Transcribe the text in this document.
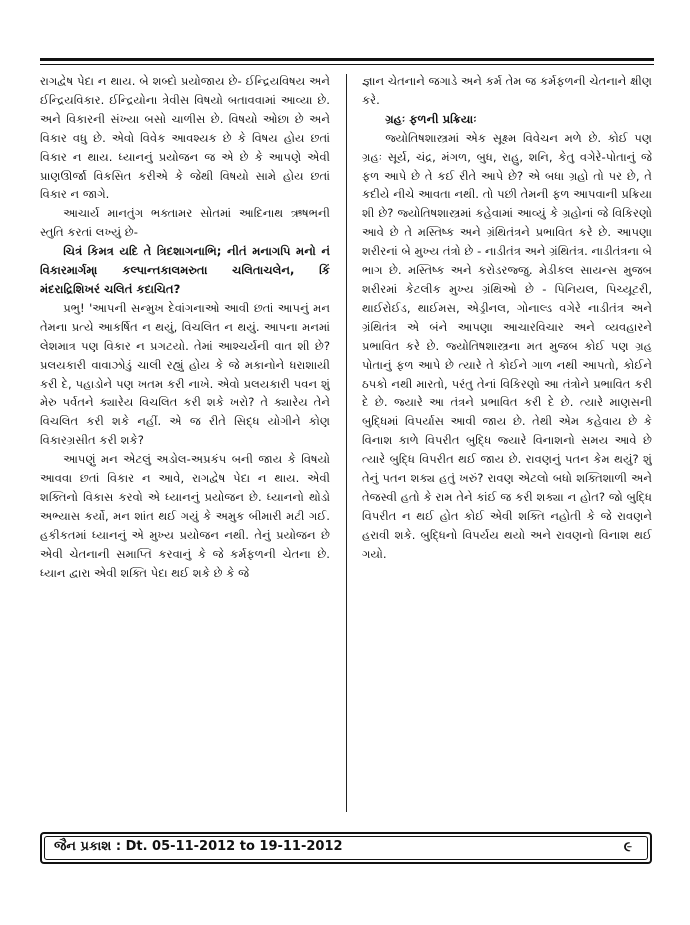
રાગદ્વેષ પેદા ન થાય. બે શબ્દો પ્રયોજાય છે- ઈન્દ્રિયવિષય અને ઈન્દ્રિયવિકાર. ઈન્દ્રિયોના ત્રેવીસ વિષયો બતાવવામાં આવ્યા છે. અને વિકારની સંખ્યા બસો ચાળીસ છે. વિષયો ઓછા છે અને વિકાર વધુ છે. એવો વિવેક આવશ્યક છે કે વિષય હોય છતાં વિકાર ન થાય. ધ્યાનનું પ્રયોજન જ એ છે કે આપણે એવી પ્રાણઊર્જા વિકસિત કરીએ કે જેથી વિષયો સામે હોય છતાં વિકાર ન જાગે.

આચાર્ય માનતુંગ ભક્તામર સોતમાં આદિનાથ ઋષભની સ્તુતિ કરતાં લખ્યું છે-

ચિત્રં કિમત્ર યદિ તે ત્રિદશાગનાભિ; નીતં મનાગપિ મનો નં વિકારમાર્ગમ્। કલ્પાન્તકાલમરુતા ચલિતાચલેન, કિં મંદરાદ્રિશિખરં ચલિતં કદાચિત?

પ્રભુ! 'આપની સન્મુખ દેવાંગનાઓ આવી છતાં આપનું મન તેમના પ્રત્યે આકર્ષિત ન થયું, વિચલિત ન થયું. આપના મનમાં લેશમાત્ર પણ વિકાર ન પ્રગટયો. તેમાં આશ્ચર્યની વાત શી છે? પ્રલયકારી વાવાઝોડું ચાલી રહ્યું હોય કે જે મકાનોને ધરાશાયી કરી દે, પહાડોને પણ ખતમ કરી નાખે. એવો પ્રલયકારી પવન શું મેરુ પર્વતને ક્યારેય વિચલિત કરી શકે ખરો? તે ક્યારેય તેને વિચલિત કરી શકે નહીં. એ જ રીતે સિદ્ધ યોગીને કોણ વિકારગ્રસીત કરી શકે?

આપણું મન એટલું અડોલ-અપ્રકંપ બની જાય કે વિષયો આવવા છતાં વિકાર ન આવે, રાગદ્વેષ પેદા ન થાય. એવી શક્તિનો વિકાસ કરવો એ ધ્યાનનું પ્રયોજન છે. ધ્યાનનો થોડો અભ્યાસ કર્યો, મન શાંત થઈ ગયું કે અમુક બીમારી મટી ગઈ. હકીકતમાં ધ્યાનનું એ મુખ્ય પ્રયોજન નથી. તેનું પ્રયોજન છે એવી ચેતનાની સમાપ્તિ કરવાનું કે જે કર્મફળની ચેતના છે. ધ્યાન દ્વારા એવી શક્તિ પેદા થઈ શકે છે કે જે

જ્ઞાન ચેતનાને જગાડે અને કર્મ તેમ જ કર્મફળની ચેતનાને ક્ષીણ કરે.

ગ્રહઃ ફળની પ્રક્રિયાઃ

જ્યોતિષશાસ્ત્રમાં એક સૂક્ષ્મ વિવેચન મળે છે. કોઈ પણ ગ્રહઃ સૂર્ય, ચંદ્ર, મંગળ, બુધ, રાહુ, શનિ, કેતુ વગેરે-પોતાનું જે ફળ આપે છે તે કઈ રીતે આપે છે? એ બધા ગ્રહો તો પર છે, તે કદીયે નીચે આવતા નથી. તો પછી તેમની ફળ આપવાની પ્રક્રિયા શી છે? જ્યોતિષશાસ્ત્રમાં કહેવામાં આવ્યું કે ગ્રહોનાં જે વિકિરણો આવે છે તે મસ્તિષ્ક અને ગ્રંથિતંત્રને પ્રભાવિત કરે છે. આપણા શરીરનાં બે મુખ્ય તંત્રો છે - નાડીતંત્ર અને ગ્રંથિતંત્ર. નાડીતંત્રના બે ભાગ છે. મસ્તિષ્ક અને કરોડરજ્જુ. મેડીકલ સાયન્સ મુજબ શરીરમાં કેટલીક મુખ્ય ગ્રંથિઓ છે - પિનિયલ, પિચ્યૂટરી, થાઈરોઈડ, થાઈમસ, એડ્રીનલ, ગોનાલ્ડ વગેરે નાડીતંત્ર અને ગ્રંથિતંત્ર એ બંને આપણા આચારવિચાર અને વ્યવહારને પ્રભાવિત કરે છે. જ્યોતિષશાસ્ત્રના મત મુજબ કોઈ પણ ગ્રહ પોતાનું ફળ આપે છે ત્યારે તે કોઈને ગાળ નથી આપતો, કોઈને ઠપકો નથી મારતો, પરંતુ તેનાં વિકિરણો આ તંત્રોને પ્રભાવિત કરી દે છે. જ્યારે આ તંત્રને પ્રભાવિત કરી દે છે. ત્યારે માણસની બુદ્ધિમાં વિપર્યાસ આવી જાય છે. તેથી એમ કહેવાય છે કે વિનાશ કાળે વિપરીત બુદ્ધિ જ્યારે વિનાશનો સમય આવે છે ત્યારે બુદ્ધિ વિપરીત થઈ જાય છે. રાવણનું પતન કેમ થયું? શું તેનું પતન શક્ય હતું ખરું? રાવણ એટલો બધો શક્તિશાળી અને તેજસ્વી હતો કે રામ તેને કાંઈ જ કરી શક્યા ન હોત? જો બુદ્ધિ વિપરીત ન થઈ હોત કોઈ એવી શક્તિ નહોતી કે જે રાવણને હરાવી શકે. બુદ્ધિનો વિપર્યય થયો અને રાવણનો વિનાશ થઈ ગયો.

જૈન પ્રકાશ : Dt. 05-11-2012 to 19-11-2012	૯
